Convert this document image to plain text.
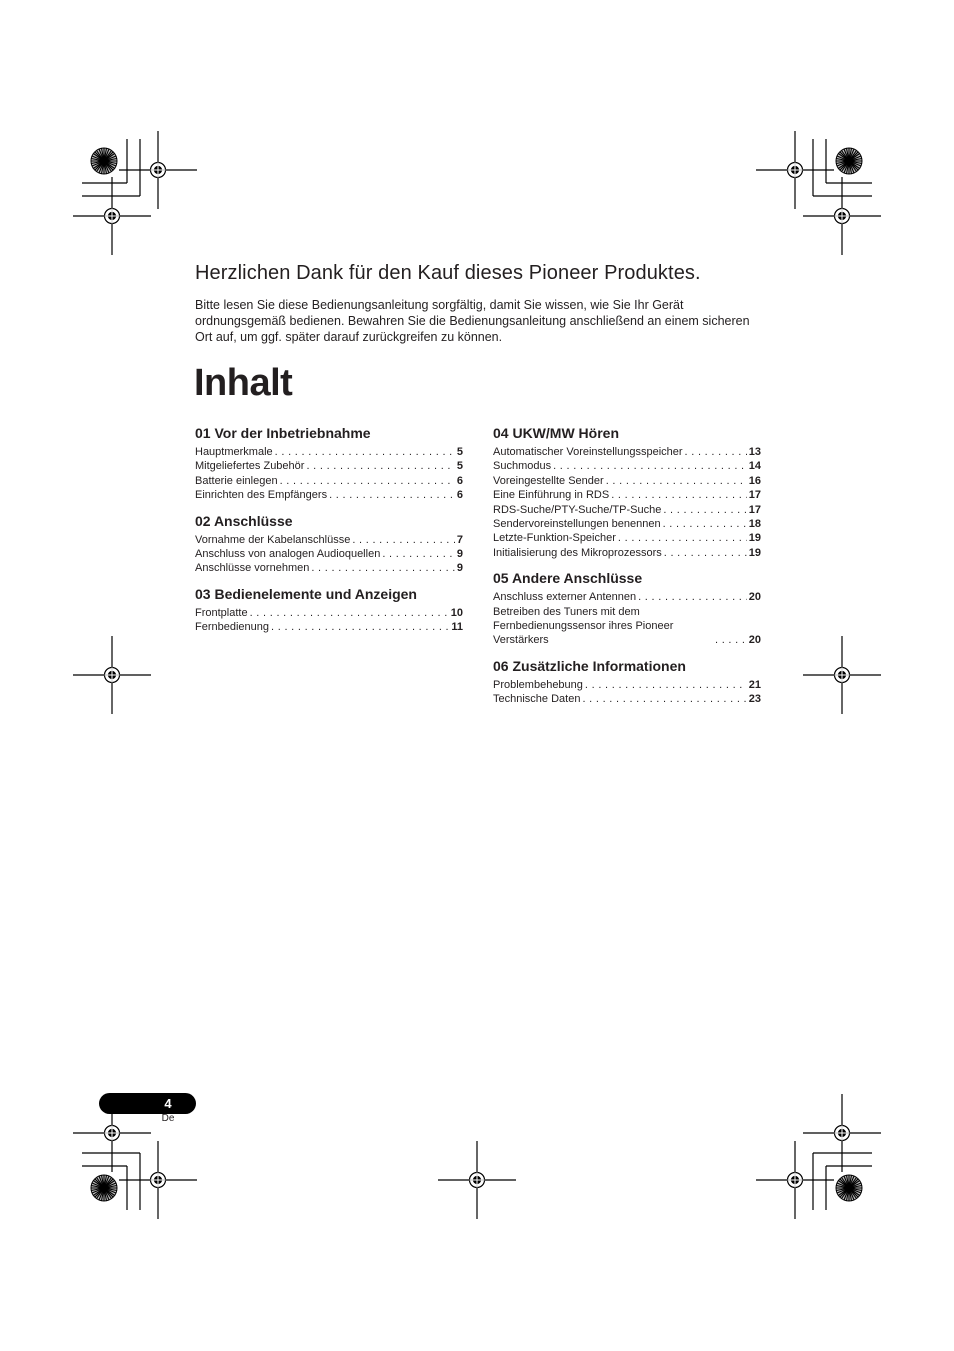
Herzlichen Dank für den Kauf dieses Pioneer Produktes.

Bitte lesen Sie diese Bedienungsanleitung sorgfältig, damit Sie wissen, wie Sie Ihr Gerät ordnungsgemäß bedienen. Bewahren Sie die Bedienungsanleitung anschließend an einem sicheren Ort auf, um ggf. später darauf zurückgreifen zu können.

Inhalt
01 Vor der Inbetriebnahme
Hauptmerkmale . . .	5
Mitgeliefertes Zubehör . . .	5
Batterie einlegen . . .	6
Einrichten des Empfängers . . .	6
02 Anschlüsse
Vornahme der Kabelanschlüsse . . .	7
Anschluss von analogen Audioquellen . . .	9
Anschlüsse vornehmen . . .	9
03 Bedienelemente und Anzeigen
Frontplatte . . .	10
Fernbedienung . . .	11
04 UKW/MW Hören
Automatischer Voreinstellungsspeicher . . .	13
Suchmodus . . .	14
Voreingestellte Sender . . .	16
Eine Einführung in RDS . . .	17
RDS-Suche/PTY-Suche/TP-Suche . . .	17
Sendervoreinstellungen benennen . . .	18
Letzte-Funktion-Speicher . . .	19
Initialisierung des Mikroprozessors . . .	19
05 Andere Anschlüsse
Anschluss externer Antennen . . .	20
Betreiben des Tuners mit dem Fernbedienungssensor ihres Pioneer Verstärkers . . .	20
06 Zusätzliche Informationen
Problembehebung . . .	21
Technische Daten . . .	23
4
De
